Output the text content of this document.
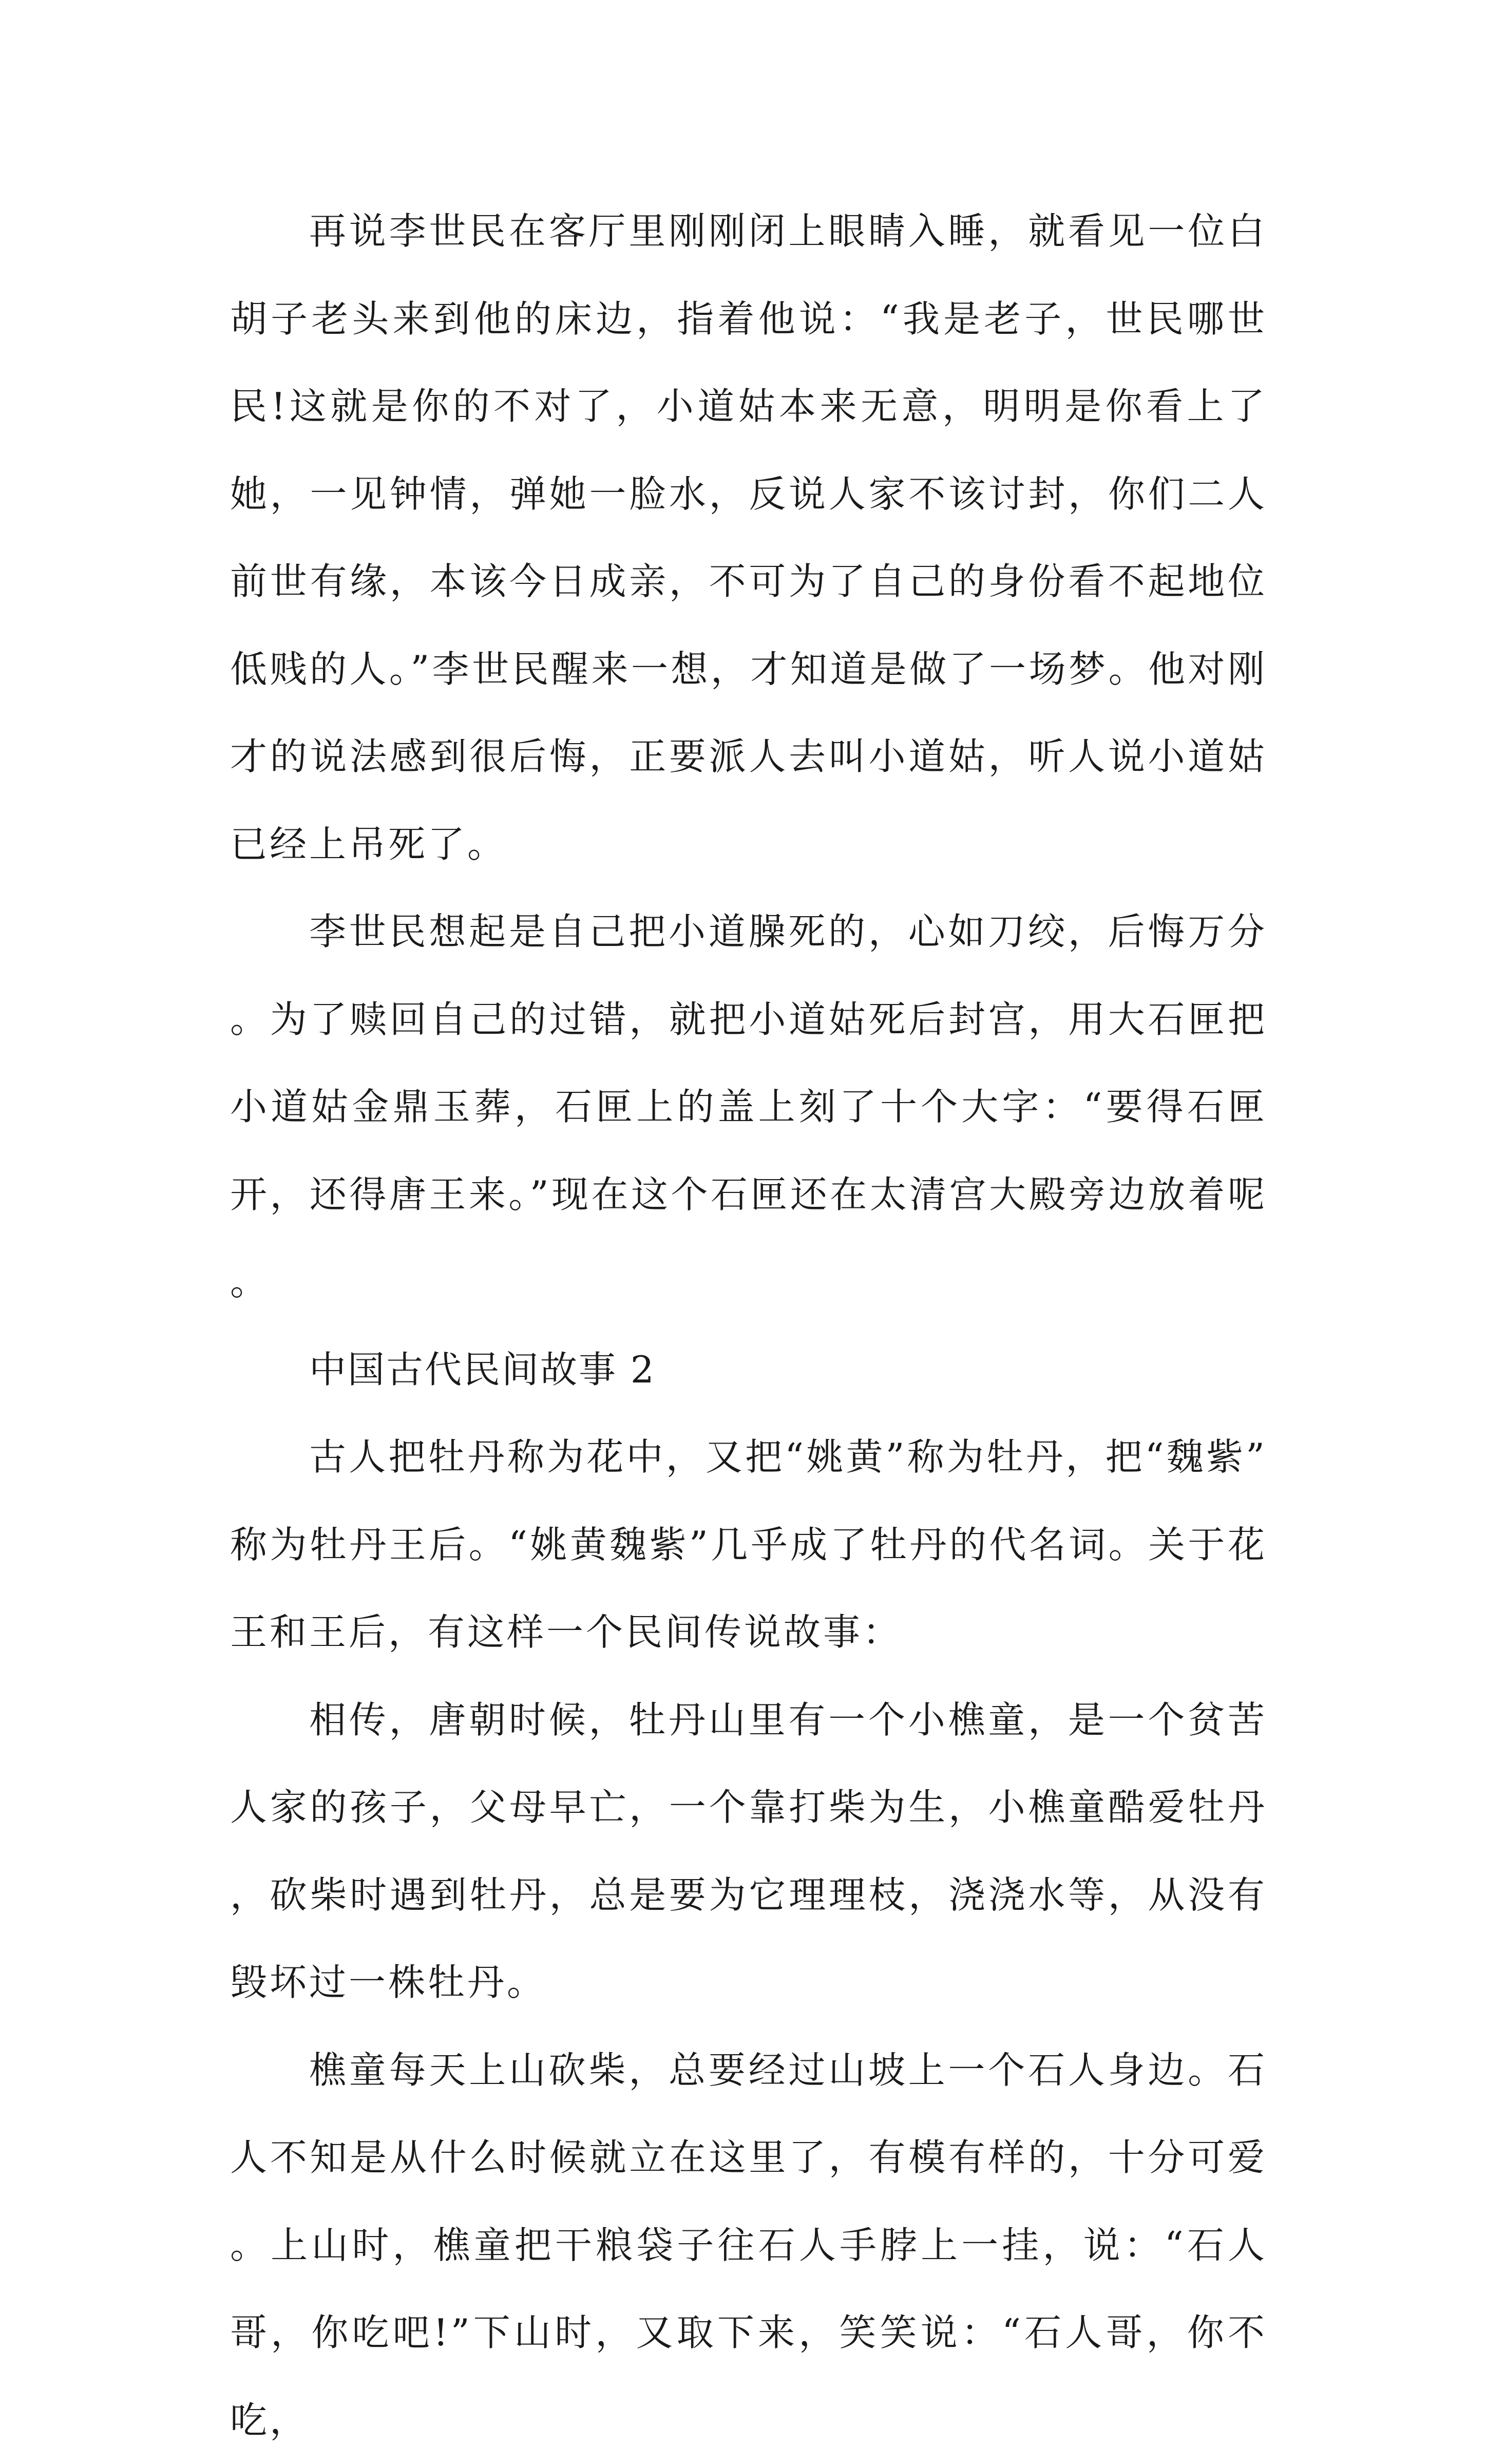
再说李世民在客厅里刚刚闭上眼睛入睡，就看见一位白胡子老头来到他的床边，指着他说：“我是老子，世民哪世民!这就是你的不对了，小道姑本来无意，明明是你看上了她，一见钟情，弹她一脸水，反说人家不该讨封，你们二人前世有缘，本该今日成亲，不可为了自己的身份看不起地位低贱的人。”李世民醒来一想，才知道是做了一场梦。他对刚才的说法感到很后悔，正要派人去叫小道姑，听人说小道姑已经上吊死了。

李世民想起是自己把小道臊死的，心如刀绞，后悔万分。为了赎回自己的过错，就把小道姑死后封宫，用大石匣把小道姑金鼎玉葬，石匣上的盖上刻了十个大字：“要得石匣开，还得唐王来。”现在这个石匣还在太清宫大殿旁边放着呢。

中国古代民间故事 2

古人把牡丹称为花中，又把“姚黄”称为牡丹，把“魏紫”称为牡丹王后。“姚黄魏紫”几乎成了牡丹的代名词。关于花王和王后，有这样一个民间传说故事：

相传，唐朝时候，牡丹山里有一个小樵童，是一个贫苦人家的孩子，父母早亡，一个靠打柴为生，小樵童酷爱牡丹，砍柴时遇到牡丹，总是要为它理理枝，浇浇水等，从没有毁坏过一株牡丹。

樵童每天上山砍柴，总要经过山坡上一个石人身边。石人不知是从什么时候就立在这里了，有模有样的，十分可爱。上山时，樵童把干粮袋子往石人手脖上一挂，说：“石人哥，你吃吧!”下山时，又取下来，笑笑说：“石人哥，你不吃，
